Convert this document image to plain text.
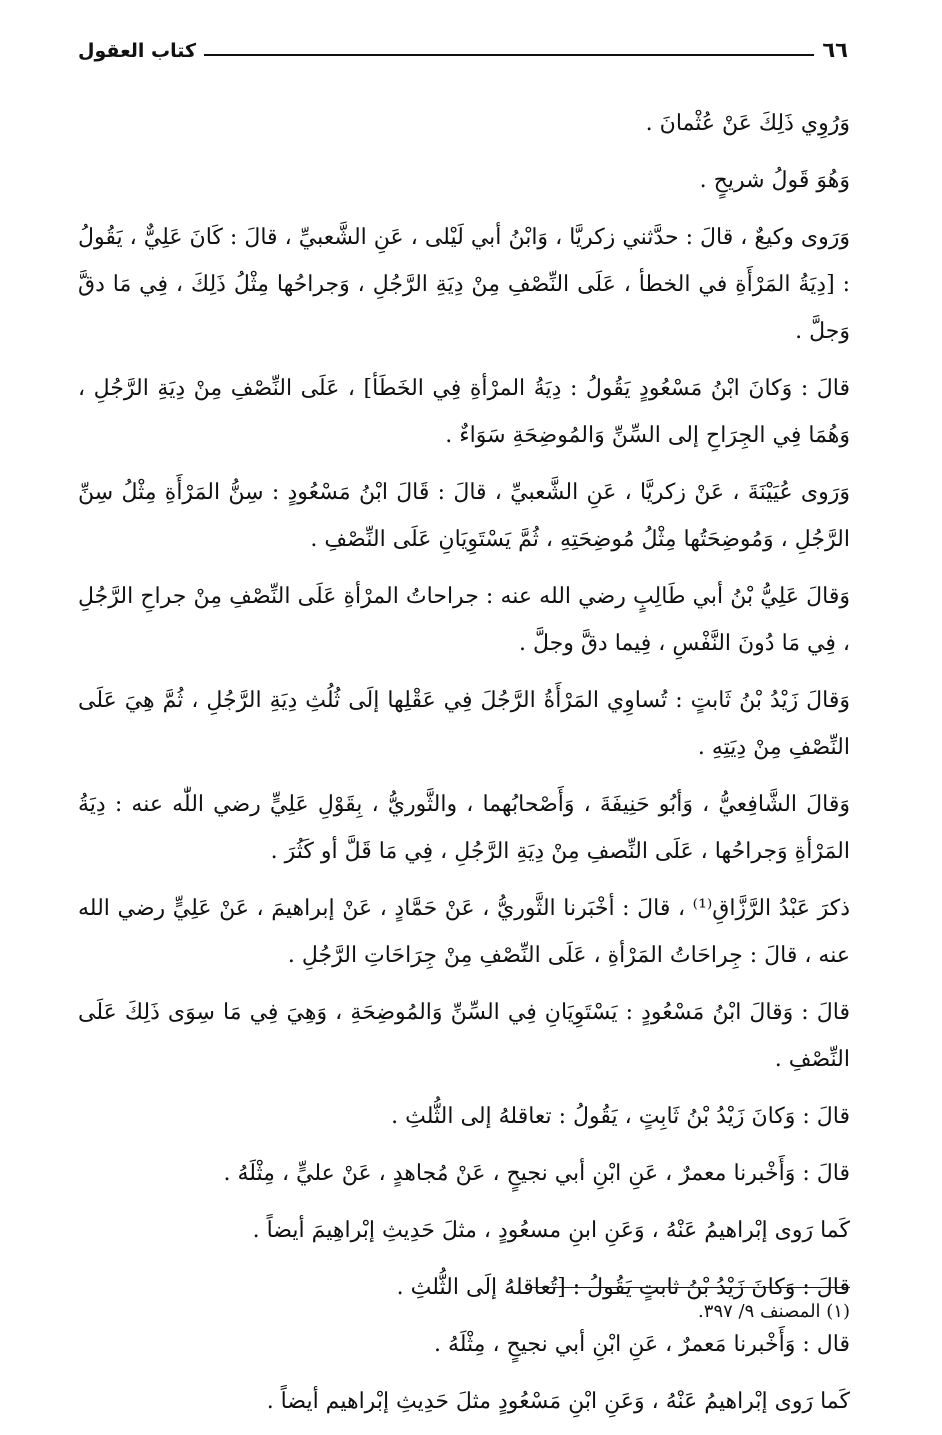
٦٦
كتاب العقول

وَرُوِي ذَلِكَ عَنْ عُثْمانَ .

وَهُوَ قَولُ شريحٍ .

وَرَوى وكيعٌ ، قالَ : حدَّثني زكريَّا ، وَابْنُ أبي لَيْلى ، عَنِ الشَّعبيِّ ، قالَ : كَانَ عَلِيٌّ ، يَقُولُ : [دِيَةُ المَرْأَةِ في الخطأ ، عَلَى النِّصْفِ مِنْ دِيَةِ الرَّجُلِ ، وَجراحُها مِثْلُ ذَلِكَ ، فِي مَا دقَّ وَجلَّ .

قالَ : وَكانَ ابْنُ مَسْعُودٍ يَقُولُ : دِيَةُ المرْأةِ فِي الخَطَأ] ، عَلَى النِّصْفِ مِنْ دِيَةِ الرَّجُلِ ، وَهُمَا فِي الجِرَاحِ إلى السِّنِّ وَالمُوضِحَةِ سَوَاءٌ .

وَرَوى عُيَيْنَةَ ، عَنْ زكريَّا ، عَنِ الشَّعبيِّ ، قالَ : قَالَ ابْنُ مَسْعُودٍ : سِنُّ المَرْأَةِ مِثْلُ سِنِّ الرَّجُلِ ، وَمُوضِحَتُها مِثْلُ مُوضِحَتِهِ ، ثُمَّ يَسْتَوِيَانِ عَلَى النِّصْفِ .

وَقالَ عَلِيُّ بْنُ أبي طَالِبٍ رضي الله عنه : جراحاتُ المرْأةِ عَلَى النِّصْفِ مِنْ جراحِ الرَّجُلِ ، فِي مَا دُونَ النَّفْسِ ، فِيما دقَّ وجلَّ .

وَقالَ زَيْدُ بْنُ ثَابتٍ : تُساوِي المَرْأَةُ الرَّجُلَ فِي عَقْلِها إلَى ثُلُثِ دِيَةِ الرَّجُلِ ، ثُمَّ هِيَ عَلَى النِّصْفِ مِنْ دِيَتِهِ .

وَقالَ الشَّافِعيُّ ، وَأبُو حَنِيفَةَ ، وَأَصْحابُهما ، والثَّوريُّ ، بِقَوْلِ عَلِيٍّ رضي اللّٰه عنه : دِيَةُ المَرْأةِ وَجراحُها ، عَلَى النِّصفِ مِنْ دِيَةِ الرَّجُلِ ، فِي مَا قَلَّ أو كَثُرَ .

ذكرَ عَبْدُ الرَّزَّاقِ⁽¹⁾ ، قالَ : أخْبَرنا الثَّوريُّ ، عَنْ حَمَّادٍ ، عَنْ إبراهيمَ ، عَنْ عَلِيٍّ رضي الله عنه ، قالَ : جِراحَاتُ المَرْأةِ ، عَلَى النِّصْفِ مِنْ جِرَاحَاتِ الرَّجُلِ .

قالَ : وَقالَ ابْنُ مَسْعُودٍ : يَسْتَوِيَانِ فِي السِّنِّ وَالمُوضِحَةِ ، وَهِيَ فِي مَا سِوَى ذَلِكَ عَلَى النِّصْفِ .

قالَ : وَكانَ زَيْدُ بْنُ ثَابِتٍ ، يَقُولُ : تعاقلهُ إلى الثُّلثِ .

قالَ : وَأَخْبرنا معمرٌ ، عَنِ ابْنِ أبي نجيحٍ ، عَنْ مُجاهدٍ ، عَنْ عليٍّ ، مِثْلَهُ .

كَما رَوى إبْراهيمُ عَنْهُ ، وَعَنِ ابنِ مسعُودٍ ، مثلَ حَدِيثِ إبْراهِيمَ أيضاً .

قالَ : وَكانَ زَيْدُ بْنُ ثابتٍ يَقُولُ : [تُعاقلهُ إلَى الثُّلثِ .

قال : وَأَخْبرنا مَعمرٌ ، عَنِ ابْنِ أبي نجيحٍ ، مِثْلَهُ .

كَما رَوى إبْراهيمُ عَنْهُ ، وَعَنِ ابْنِ مَسْعُودٍ مثلَ حَدِيثِ إبْراهيم أيضاً .

(١) المصنف ٩/ ٣٩٧.
